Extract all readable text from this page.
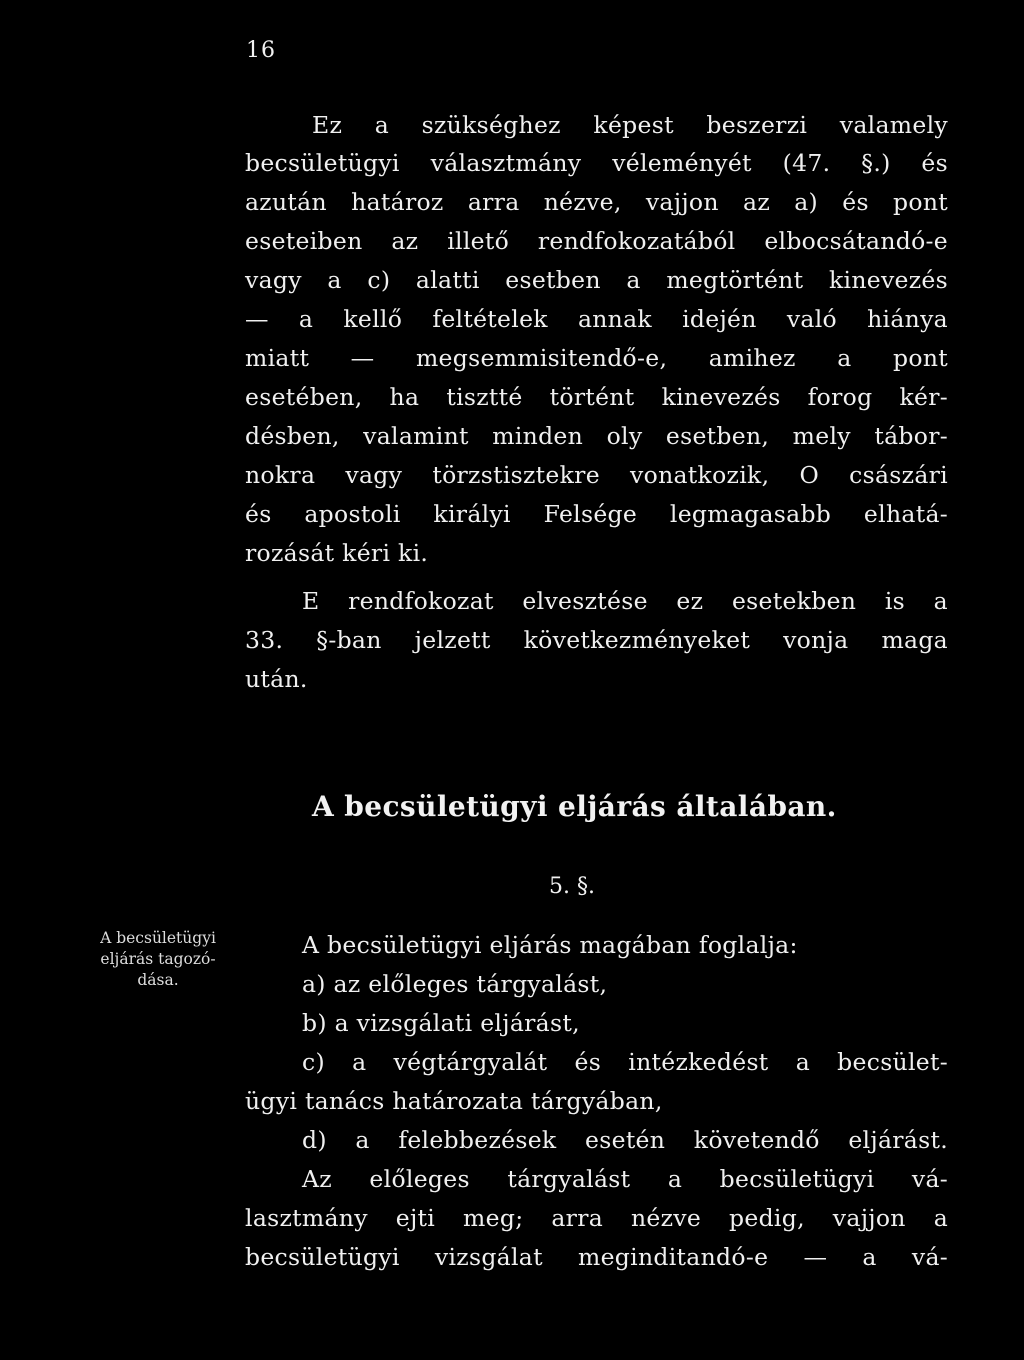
16
Ez a szükséghez képest beszerzi valamely
becsületügyi választmány véleményét (47. §.) és
azután határoz arra nézve, vajjon az a) és pont
eseteiben az illető rendfokozatából elbocsátandó-e
vagy a c) alatti esetben a megtörtént kinevezés
— a kellő feltételek annak idején való hiánya
miatt — megsemmisitendő-e, amihez a pont
esetében, ha tisztté történt kinevezés forog kér-
désben, valamint minden oly esetben, mely tábor-
nokra vagy törzstisztekre vonatkozik, O császári
és apostoli királyi Felsége legmagasabb elhatá-
rozását kéri ki.
E rendfokozat elvesztése ez esetekben is a
33. §-ban jelzett következményeket vonja maga
után.
A becsületügyi eljárás általában.
5. §.
A becsületügyi
eljárás tagozó-
dása.
A becsületügyi eljárás magában foglalja:
a) az előleges tárgyalást,
b) a vizsgálati eljárást,
c) a végtárgyalát és intézkedést a becsület-
ügyi tanács határozata tárgyában,
d) a felebbezések esetén követendő eljárást.
Az előleges tárgyalást a becsületügyi vá-
lasztmány ejti meg; arra nézve pedig, vajjon a
becsületügyi vizsgálat meginditandó-e — a vá-
